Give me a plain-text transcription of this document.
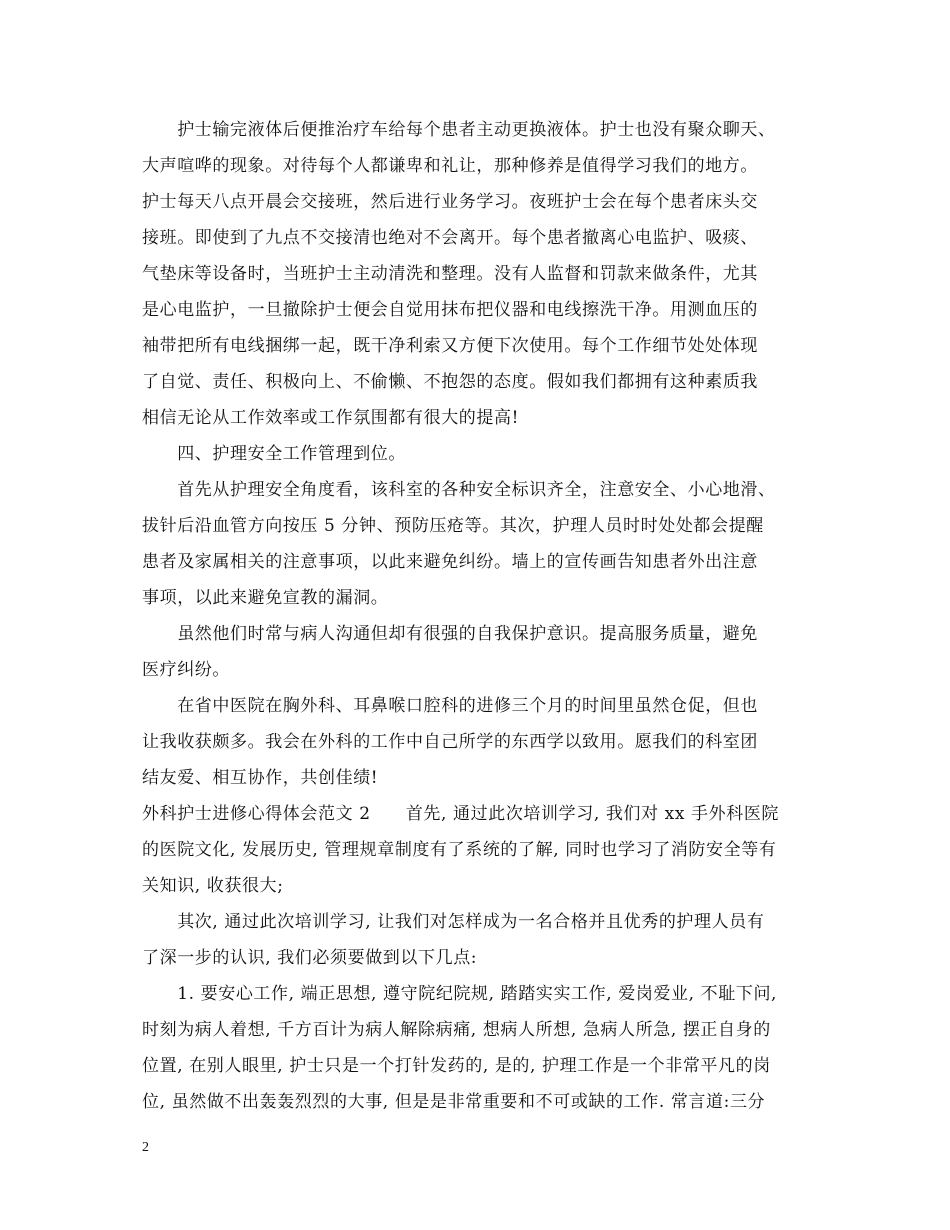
　　护士输完液体后便推治疗车给每个患者主动更换液体。护士也没有聚众聊天、
大声喧哗的现象。对待每个人都谦卑和礼让，那种修养是值得学习我们的地方。
护士每天八点开晨会交接班，然后进行业务学习。夜班护士会在每个患者床头交
接班。即使到了九点不交接清也绝对不会离开。每个患者撤离心电监护、吸痰、
气垫床等设备时，当班护士主动清洗和整理。没有人监督和罚款来做条件，尤其
是心电监护，一旦撤除护士便会自觉用抹布把仪器和电线擦洗干净。用测血压的
袖带把所有电线捆绑一起，既干净利索又方便下次使用。每个工作细节处处体现
了自觉、责任、积极向上、不偷懒、不抱怨的态度。假如我们都拥有这种素质我
相信无论从工作效率或工作氛围都有很大的提高!
　　四、护理安全工作管理到位。
　　首先从护理安全角度看，该科室的各种安全标识齐全，注意安全、小心地滑、
拔针后沿血管方向按压 5 分钟、预防压疮等。其次，护理人员时时处处都会提醒
患者及家属相关的注意事项，以此来避免纠纷。墙上的宣传画告知患者外出注意
事项，以此来避免宣教的漏洞。
　　虽然他们时常与病人沟通但却有很强的自我保护意识。提高服务质量，避免
医疗纠纷。
　　在省中医院在胸外科、耳鼻喉口腔科的进修三个月的时间里虽然仓促，但也
让我收获颇多。我会在外科的工作中自己所学的东西学以致用。愿我们的科室团
结友爱、相互协作，共创佳绩!
外科护士进修心得体会范文 2　　首先, 通过此次培训学习, 我们对 xx 手外科医院
的医院文化, 发展历史, 管理规章制度有了系统的了解, 同时也学习了消防安全等有
关知识, 收获很大;
　　其次, 通过此次培训学习, 让我们对怎样成为一名合格并且优秀的护理人员有
了深一步的认识, 我们必须要做到以下几点:
　　1. 要安心工作, 端正思想, 遵守院纪院规, 踏踏实实工作, 爱岗爱业, 不耻下问,
时刻为病人着想, 千方百计为病人解除病痛, 想病人所想, 急病人所急, 摆正自身的
位置, 在别人眼里, 护士只是一个打针发药的, 是的, 护理工作是一个非常平凡的岗
位, 虽然做不出轰轰烈烈的大事, 但是是非常重要和不可或缺的工作. 常言道:三分
2
